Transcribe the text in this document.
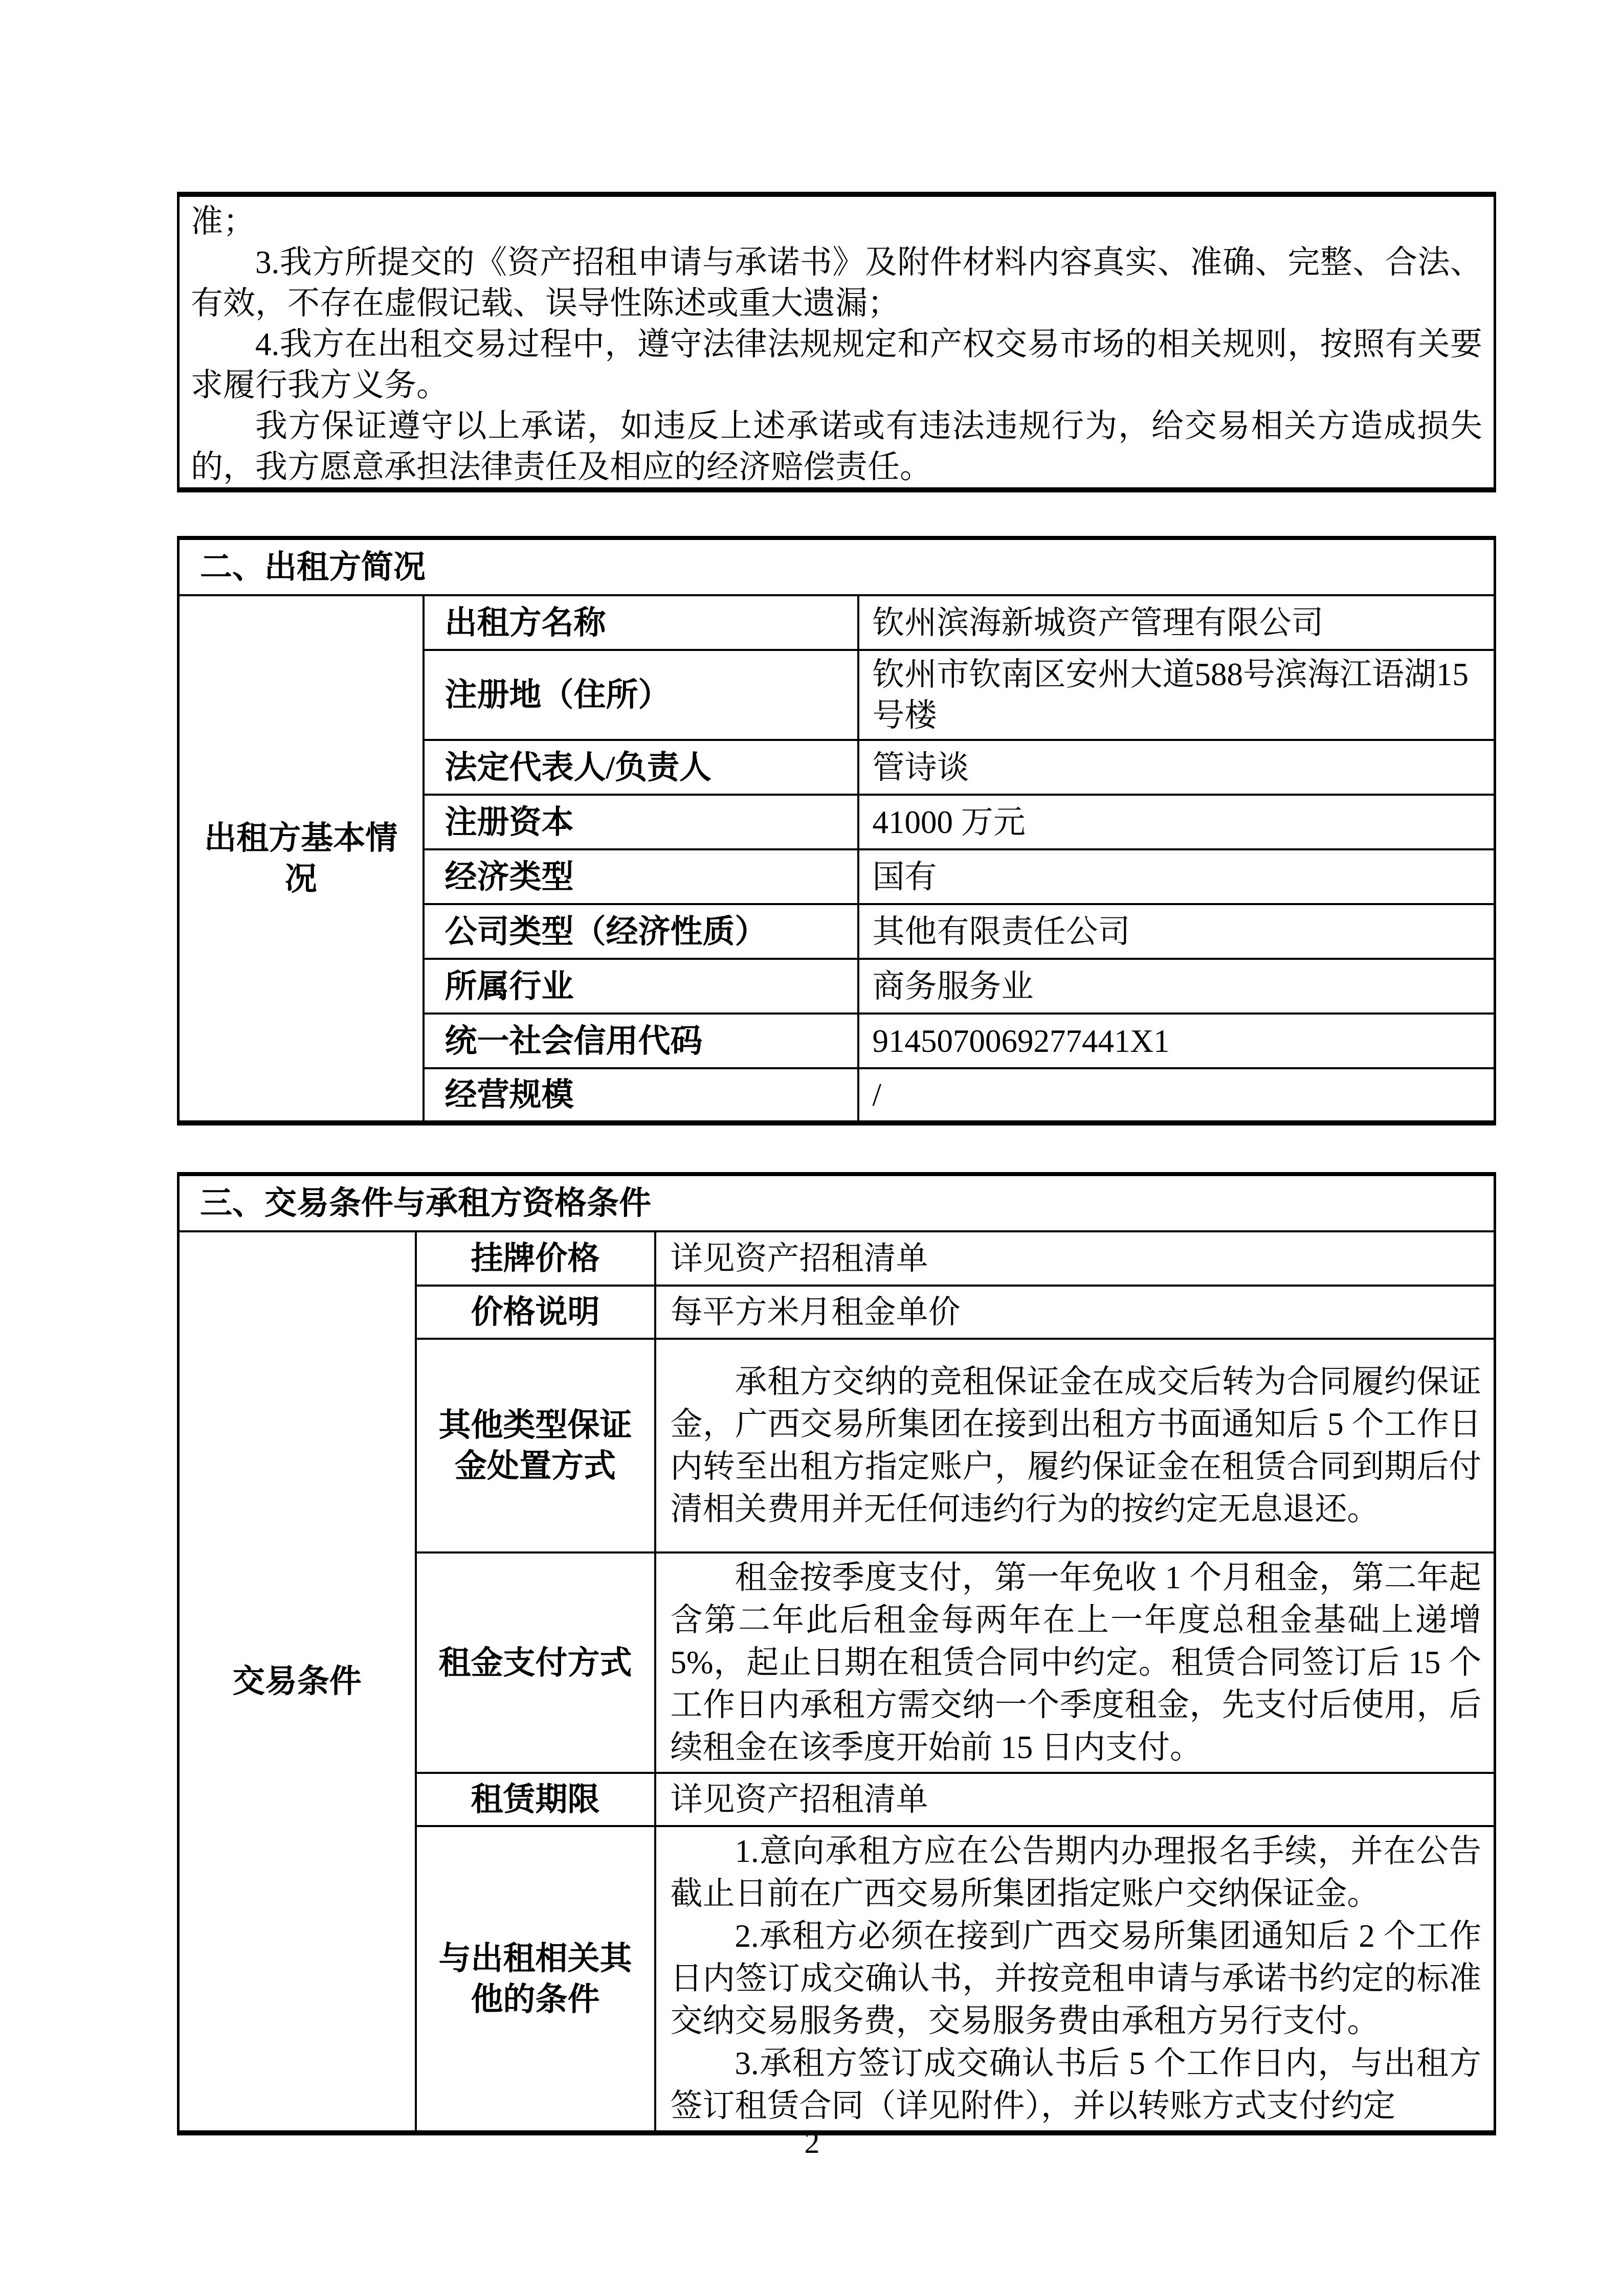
准；

3.我方所提交的《资产招租申请与承诺书》及附件材料内容真实、准确、完整、合法、有效，不存在虚假记载、误导性陈述或重大遗漏；

4.我方在出租交易过程中，遵守法律法规规定和产权交易市场的相关规则，按照有关要求履行我方义务。

我方保证遵守以上承诺，如违反上述承诺或有违法违规行为，给交易相关方造成损失的，我方愿意承担法律责任及相应的经济赔偿责任。

二、出租方简况		
出租方基本情况	出租方名称	钦州滨海新城资产管理有限公司
	注册地（住所）	钦州市钦南区安州大道588号滨海江语湖15号楼
	法定代表人/负责人	管诗谈
	注册资本	41000 万元
	经济类型	国有
	公司类型（经济性质）	其他有限责任公司
	所属行业	商务服务业
	统一社会信用代码	9145070069277441X1
	经营规模	/
三、交易条件与承租方资格条件		
交易条件	挂牌价格	详见资产招租清单
	价格说明	每平方米月租金单价
	其他类型保证金处置方式	承租方交纳的竞租保证金在成交后转为合同履约保证金，广西交易所集团在接到出租方书面通知后 5 个工作日内转至出租方指定账户，履约保证金在租赁合同到期后付清相关费用并无任何违约行为的按约定无息退还。

	租金支付方式	租金按季度支付，第一年免收 1 个月租金，第二年起含第二年此后租金每两年在上一年度总租金基础上递增 5%，起止日期在租赁合同中约定。租赁合同签订后 15 个工作日内承租方需交纳一个季度租金，先支付后使用，后续租金在该季度开始前 15 日内支付。

	租赁期限	详见资产招租清单
	与出租相关其他的条件	1.意向承租方应在公告期内办理报名手续，并在公告截止日前在广西交易所集团指定账户交纳保证金。

2.承租方必须在接到广西交易所集团通知后 2 个工作日内签订成交确认书，并按竞租申请与承诺书约定的标准交纳交易服务费，交易服务费由承租方另行支付。

3.承租方签订成交确认书后 5 个工作日内，与出租方签订租赁合同（详见附件），并以转账方式支付约定

2
